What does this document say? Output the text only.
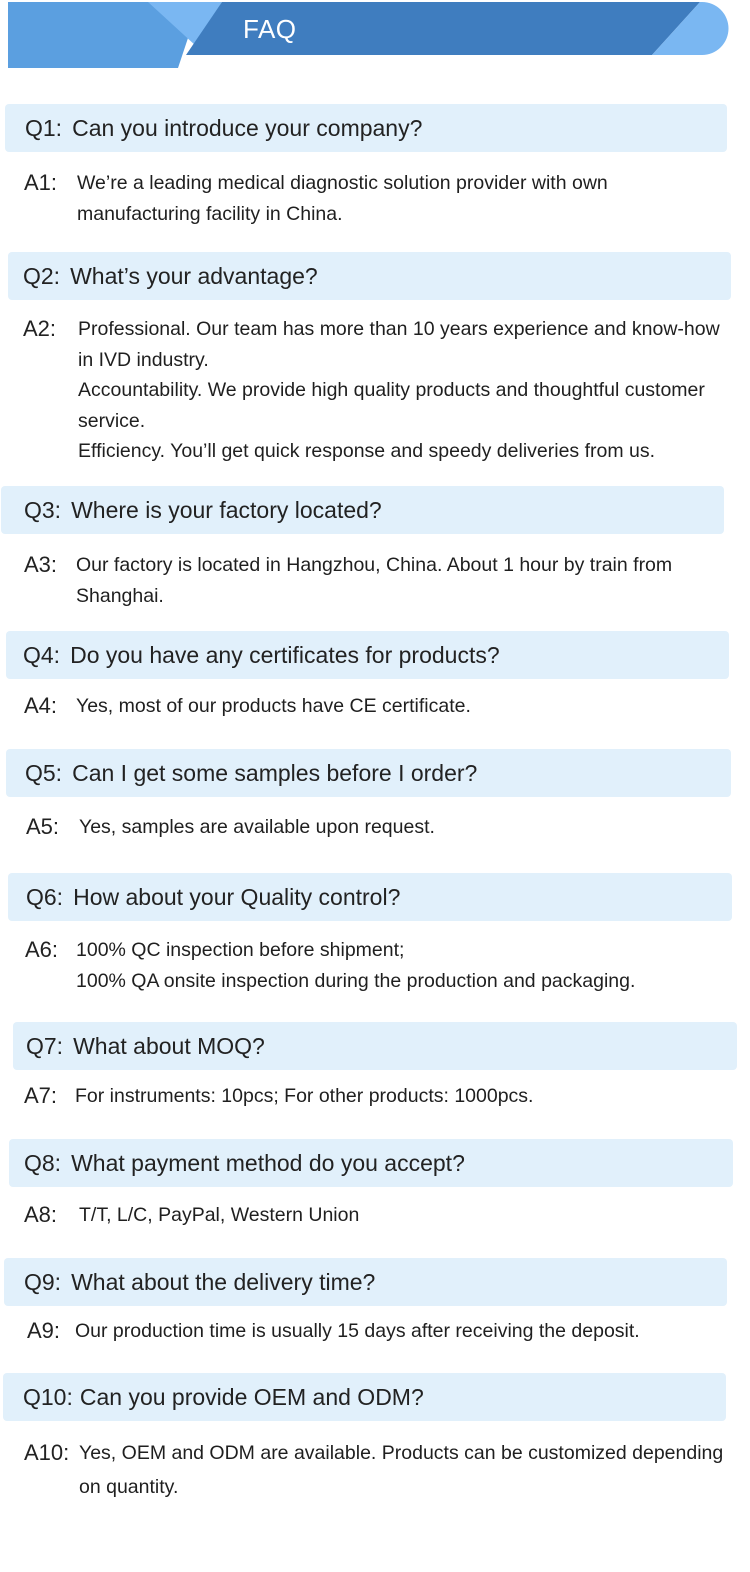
FAQ
Q1: Can you introduce your company?
A1:	We’re a leading medical diagnostic solution provider with own manufacturing facility in China.
Q2: What’s your advantage?
A2:	Professional. Our team has more than 10 years experience and know-how in IVD industry.
Accountability. We provide high quality products and thoughtful customer service.
Efficiency. You’ll get quick response and speedy deliveries from us.
Q3: Where is your factory located?
A3: Our factory is located in Hangzhou, China. About 1 hour by train from Shanghai.
Q4: Do you have any certificates for products?
A4: Yes, most of our products have CE certificate.
Q5: Can I get some samples before I order?
A5:	Yes, samples are available upon request.
Q6: How about your Quality control?
A6: 100% QC inspection before shipment;
100% QA onsite inspection during the production and packaging.
Q7: What about MOQ?
A7: For instruments: 10pcs; For other products: 1000pcs.
Q8: What payment method do you accept?
A8:	T/T, L/C, PayPal, Western Union
Q9: What about the delivery time?
A9: Our production time is usually 15 days after receiving the deposit.
Q10: Can you provide OEM and ODM?
A10: Yes, OEM and ODM are available. Products can be customized depending on quantity.
